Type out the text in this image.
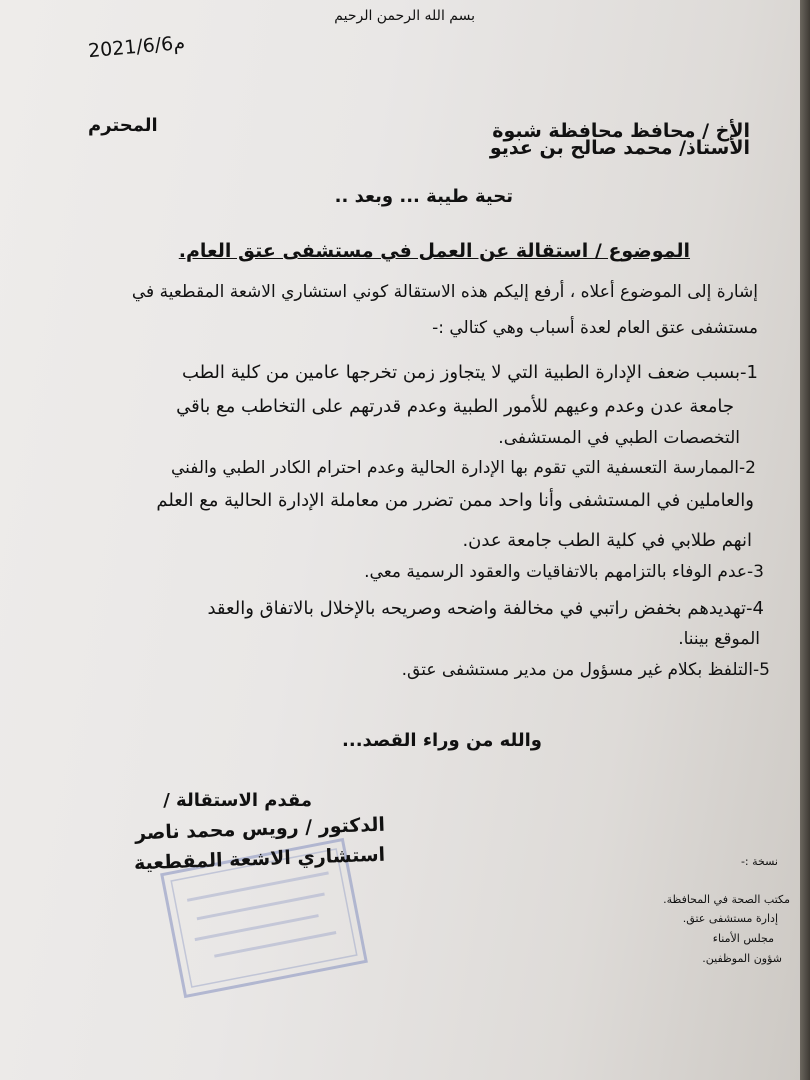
بسم الله الرحمن الرحيم
2021/6/6م
الأخ / محافظ محافظة شبوة
الأستاذ/ محمد صالح بن عديو
المحترم
تحية طيبة ... وبعد ..
الموضوع / استقالة عن العمل في مستشفى عتق العام.
إشارة إلى الموضوع أعلاه ، أرفع إليكم هذه الاستقالة كوني استشاري الاشعة المقطعية في
مستشفى عتق العام لعدة أسباب وهي كتالي :-
1-بسبب ضعف الإدارة الطبية التي لا يتجاوز زمن تخرجها عامين من كلية الطب
جامعة عدن وعدم وعيهم للأمور الطبية وعدم قدرتهم على التخاطب مع باقي
التخصصات الطبي في المستشفى.
2-الممارسة التعسفية التي تقوم بها الإدارة الحالية وعدم احترام الكادر الطبي والفني
والعاملين في المستشفى وأنا واحد ممن تضرر من معاملة الإدارة الحالية مع العلم
انهم طلابي في كلية الطب جامعة عدن.
3-عدم الوفاء بالتزامهم بالاتفاقيات والعقود الرسمية معي.
4-تهديدهم بخفض راتبي في مخالفة واضحه وصريحه بالإخلال بالاتفاق والعقد
الموقع بيننا.
5-التلفظ بكلام غير مسؤول من مدير مستشفى عتق.
والله من وراء القصد...
مقدم الاستقالة /
الدكتور / رويس محمد ناصر
استشاري الاشعة المقطعية	نسخة :-
مكتب الصحة في المحافظة.
إدارة مستشفى عتق.
مجلس الأمناء
شؤون الموظفين.
